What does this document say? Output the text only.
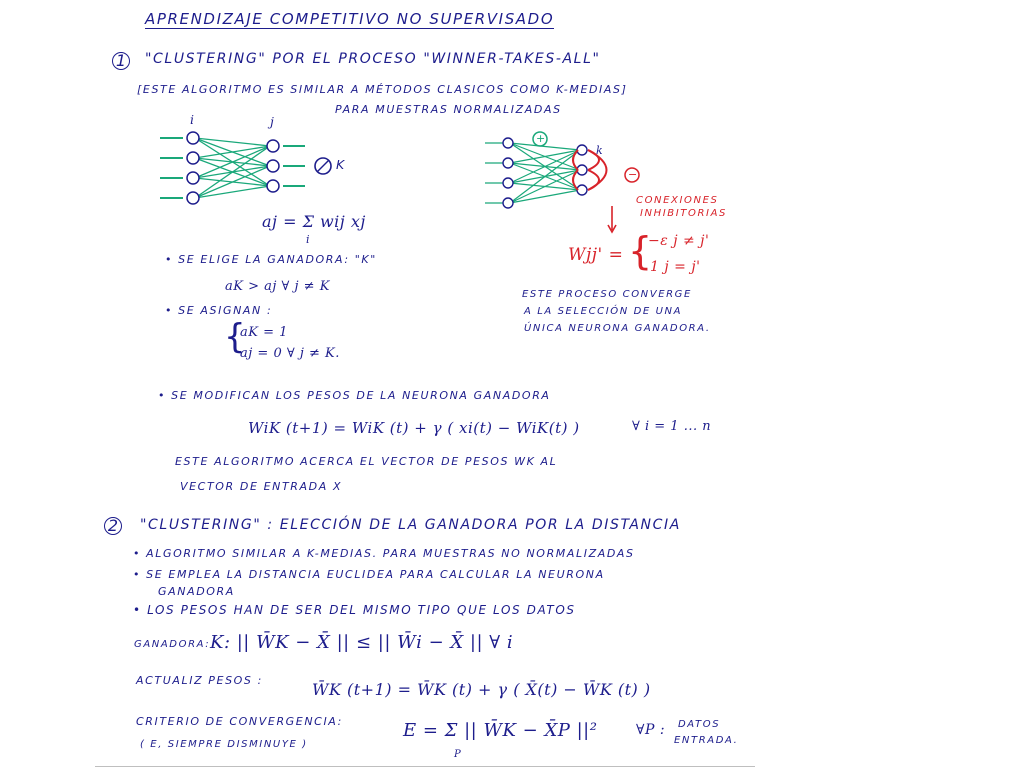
APRENDIZAJE COMPETITIVO NO SUPERVISADO
1 "CLUSTERING" POR EL PROCESO "WINNER-TAKES-ALL"
[ESTE ALGORITMO ES SIMILAR A MÉTODOS CLASICOS COMO K-MEDIAS]
PARA MUESTRAS NORMALIZADAS
i	j
K
aj = Σ wij xj
i
• SE ELIGE LA GANADORA: "K"
aK > aj ∀ j ≠ K
• SE ASIGNAN :
{
aK = 1
aj = 0 ∀ j ≠ K.
• SE MODIFICAN LOS PESOS DE LA NEURONA GANADORA
WiK (t+1) = WiK (t) + γ ( xi(t) − WiK(t) )	∀ i = 1 ... n
ESTE ALGORITMO ACERCA EL VECTOR DE PESOS WK AL
VECTOR DE ENTRADA X
+
−
k
CONEXIONES
INHIBITORIAS
Wjj' = {
−ε j ≠ j'
1 j = j'
ESTE PROCESO CONVERGE
A LA SELECCIÓN DE UNA
ÚNICA NEURONA GANADORA.
2 "CLUSTERING" : ELECCIÓN DE LA GANADORA POR LA DISTANCIA
• ALGORITMO SIMILAR A K-MEDIAS. PARA MUESTRAS NO NORMALIZADAS
• SE EMPLEA LA DISTANCIA EUCLIDEA PARA CALCULAR LA NEURONA
GANADORA
• LOS PESOS HAN DE SER DEL MISMO TIPO QUE LOS DATOS
GANADORA: K: || W̄K − X̄ || ≤ || W̄i − X̄ || ∀ i
ACTUALIZ PESOS :	W̄K (t+1) = W̄K (t) + γ ( X̄(t) − W̄K (t) )
CRITERIO DE CONVERGENCIA:
( E, SIEMPRE DISMINUYE )
E = Σ || W̄K − X̄P ||²
P
∀P : DATOS
ENTRADA.
